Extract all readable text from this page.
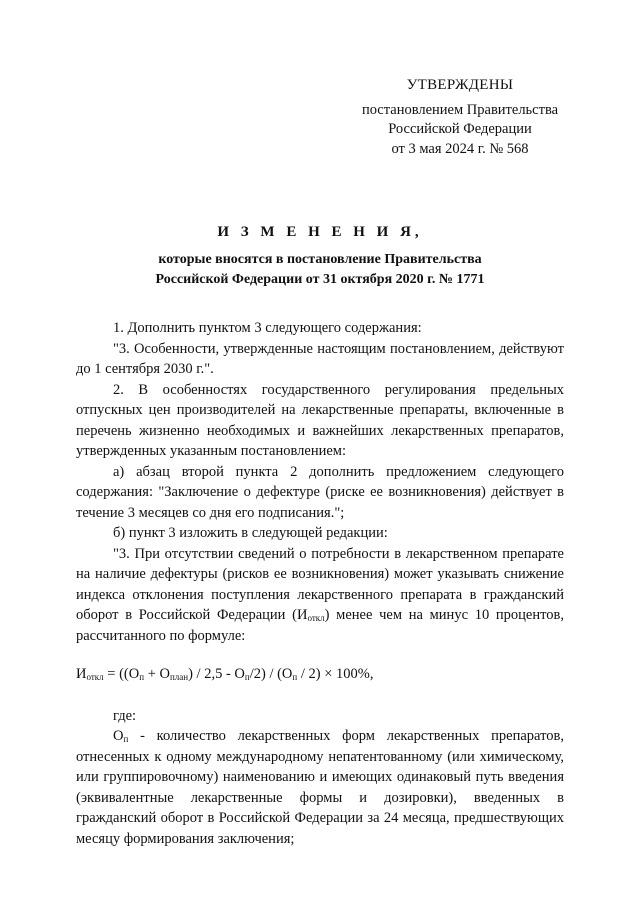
УТВЕРЖДЕНЫ
постановлением Правительства
Российской Федерации
от 3 мая 2024 г. № 568
И З М Е Н Е Н И Я,
которые вносятся в постановление Правительства
Российской Федерации от 31 октября 2020 г. № 1771

1. Дополнить пунктом 3 следующего содержания:

"3. Особенности, утвержденные настоящим постановлением, действуют до 1 сентября 2030 г.".

2. В особенностях государственного регулирования предельных отпускных цен производителей на лекарственные препараты, включенные в перечень жизненно необходимых и важнейших лекарственных препаратов, утвержденных указанным постановлением:

а) абзац второй пункта 2 дополнить предложением следующего содержания: "Заключение о дефектуре (риске ее возникновения) действует в течение 3 месяцев со дня его подписания.";

б) пункт 3 изложить в следующей редакции:

"3. При отсутствии сведений о потребности в лекарственном препарате на наличие дефектуры (рисков ее возникновения) может указывать снижение индекса отклонения поступления лекарственного препарата в гражданский оборот в Российской Федерации $(И_{откл})$ менее чем на минус 10 процентов, рассчитанного по формуле:

$И_{откл} = ((О_п + О_{план}) / 2,5 - О_п/2) / (О_п / 2) \times 100\%$,

где:

$О_п$ - количество лекарственных форм лекарственных препаратов, отнесенных к одному международному непатентованному (или химическому, или группировочному) наименованию и имеющих одинаковый путь введения (эквивалентные лекарственные формы и дозировки), введенных в гражданский оборот в Российской Федерации за 24 месяца, предшествующих месяцу формирования заключения;
